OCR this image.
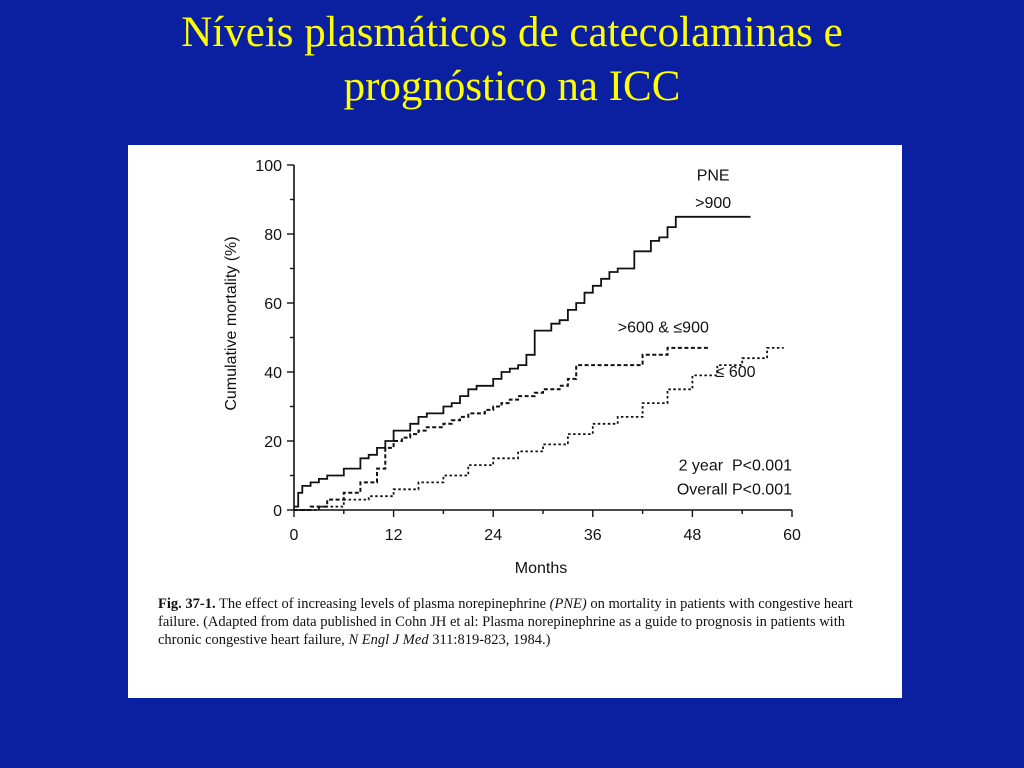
Níveis plasmáticos de catecolaminas e
prognóstico na ICC
0
20
40
60
80
100
0	12	24	36	48	60
Months
Cumulative mortality (%)
PNE
>900
>600 & ≤900
≤ 600
2 year  P<0.001
Overall P<0.001
Fig. 37-1. The effect of increasing levels of plasma norepinephrine (PNE) on mortality in patients with congestive heart failure. (Adapted from data published in Cohn JH et al: Plasma norepinephrine as a guide to prognosis in patients with chronic congestive heart failure, N Engl J Med 311:819-823, 1984.)
